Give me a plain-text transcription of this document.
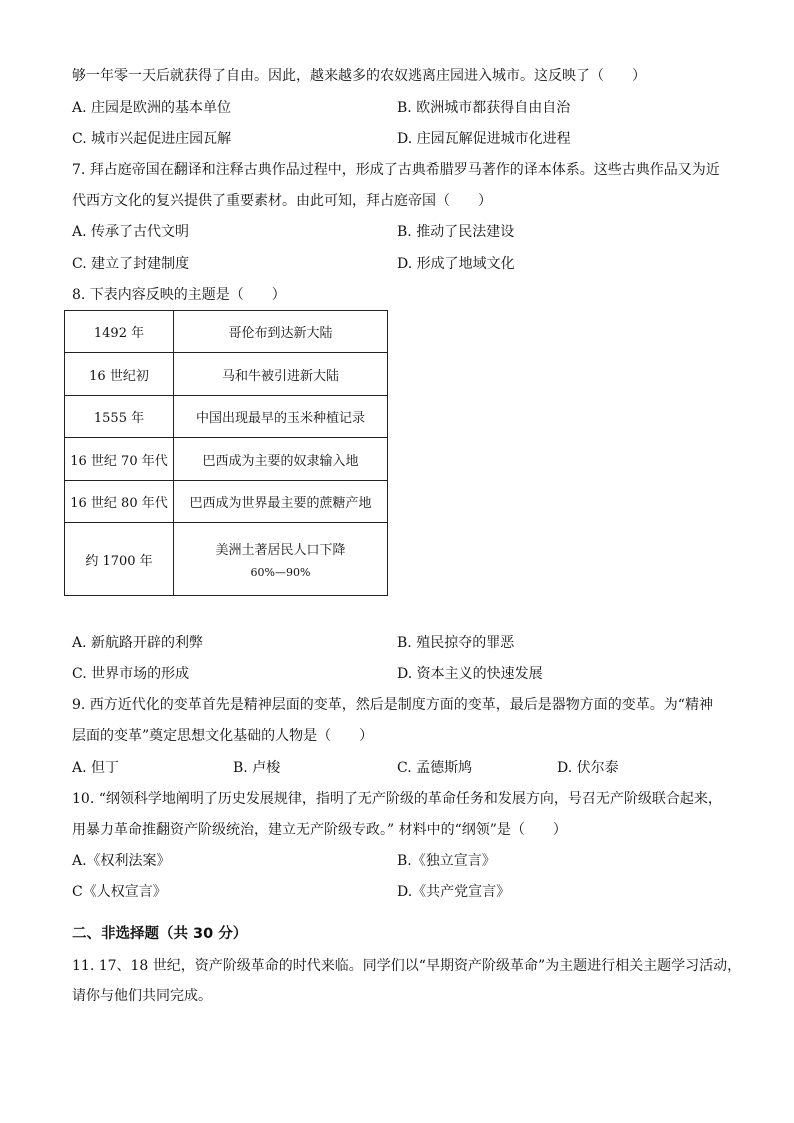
够一年零一天后就获得了自由。因此，越来越多的农奴逃离庄园进入城市。这反映了（　　）
A. 庄园是欧洲的基本单位	B. 欧洲城市都获得自由自治
C. 城市兴起促进庄园瓦解	D. 庄园瓦解促进城市化进程
7. 拜占庭帝国在翻译和注释古典作品过程中，形成了古典希腊罗马著作的译本体系。这些古典作品又为近
代西方文化的复兴提供了重要素材。由此可知，拜占庭帝国（　　）
A. 传承了古代文明	B. 推动了民法建设
C. 建立了封建制度	D. 形成了地域文化
8. 下表内容反映的主题是（　　）
1492 年	哥伦布到达新大陆
16 世纪初	马和牛被引进新大陆
1555 年	中国出现最早的玉米种植记录
16 世纪 70 年代	巴西成为主要的奴隶输入地
16 世纪 80 年代	巴西成为世界最主要的蔗糖产地
约 1700 年	美洲土著居民人口下降
60%—90%
A. 新航路开辟的利弊	B. 殖民掠夺的罪恶
C. 世界市场的形成	D. 资本主义的快速发展
9. 西方近代化的变革首先是精神层面的变革，然后是制度方面的变革，最后是器物方面的变革。为“精神
层面的变革”奠定思想文化基础的人物是（　　）
A. 但丁	B. 卢梭	C. 孟德斯鸠	D. 伏尔泰
10. “纲领科学地阐明了历史发展规律，指明了无产阶级的革命任务和发展方向，号召无产阶级联合起来，
用暴力革命推翻资产阶级统治，建立无产阶级专政。” 材料中的“纲领”是（　　）
A.《权利法案》	B.《独立宣言》
C《人权宣言》	D.《共产党宣言》
二、非选择题（共 30 分）
11. 17、18 世纪，资产阶级革命的时代来临。同学们以“早期资产阶级革命”为主题进行相关主题学习活动，
请你与他们共同完成。
